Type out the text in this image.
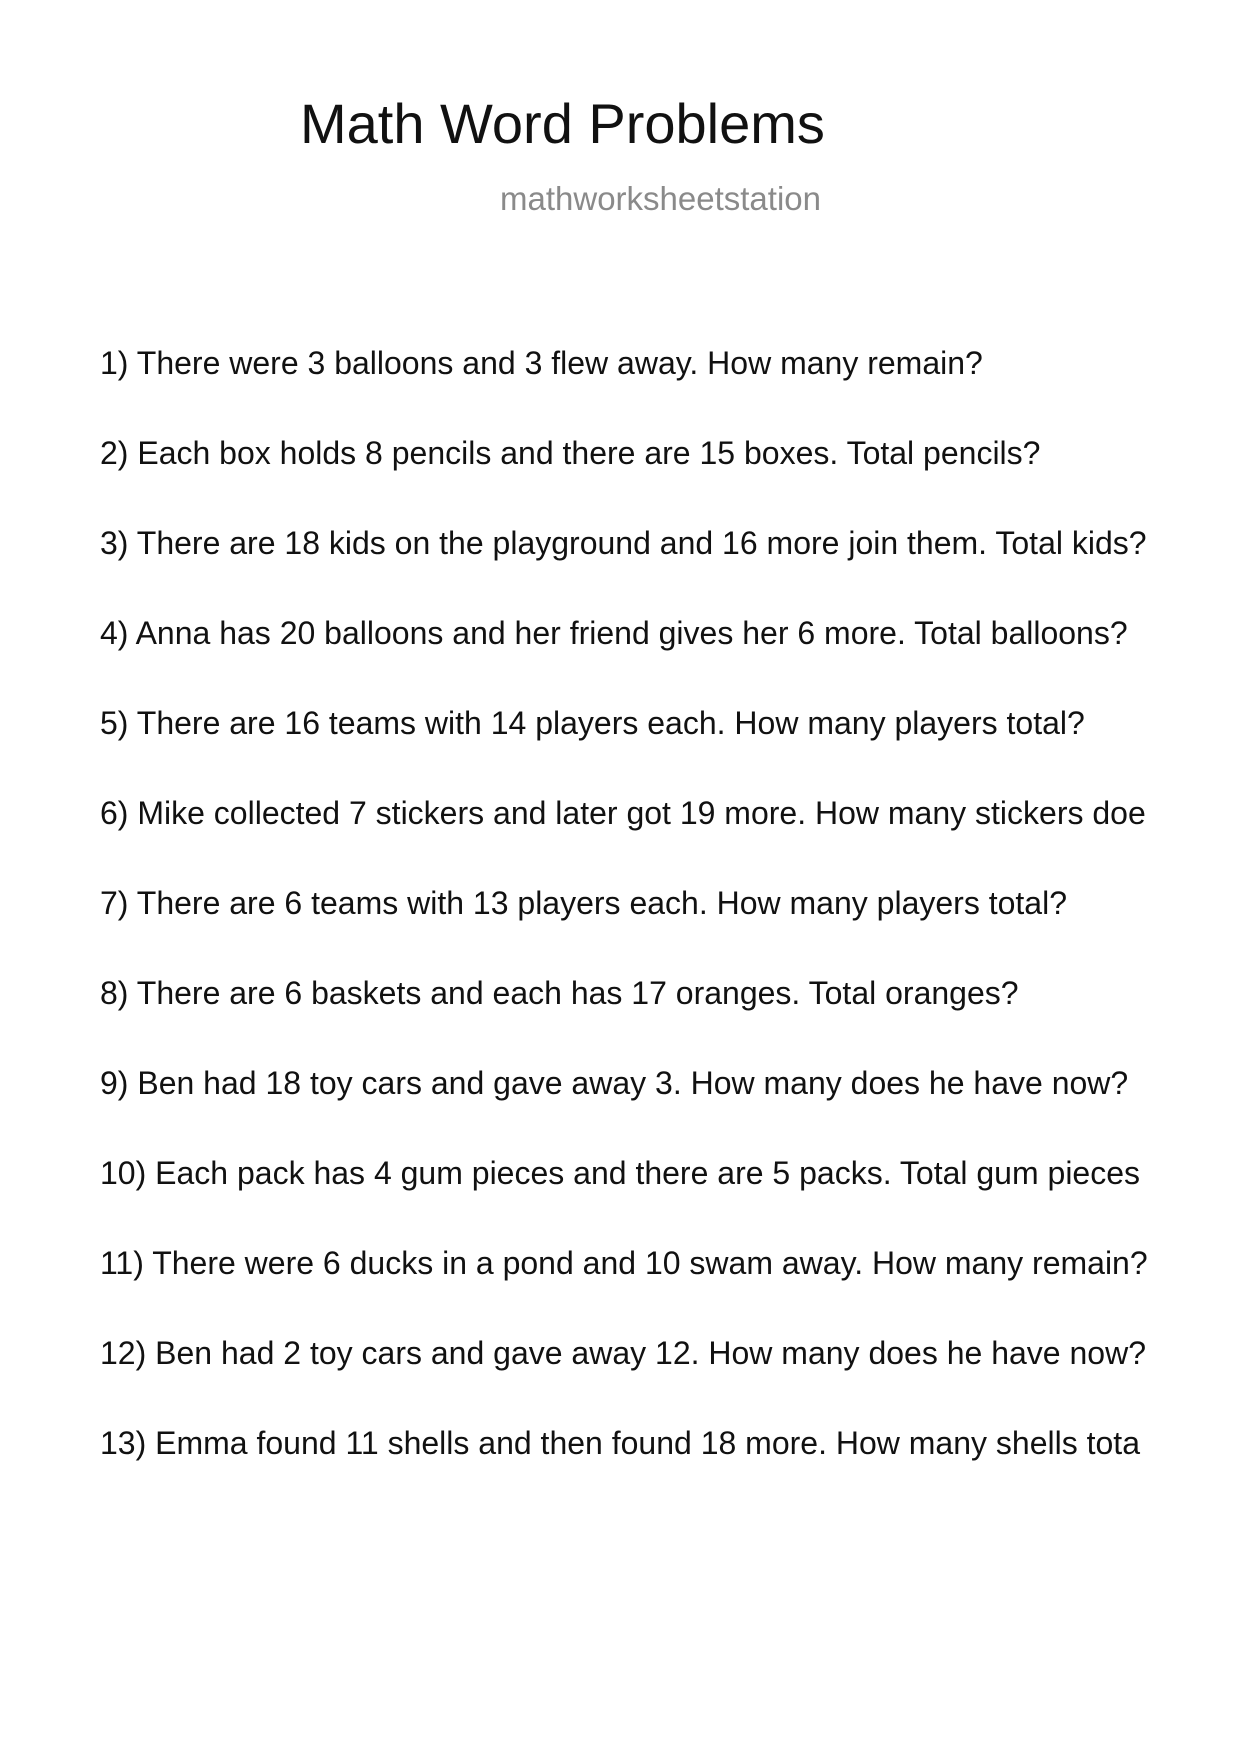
Math Word Problems
mathworksheetstation
1) There were 3 balloons and 3 flew away. How many remain?
2) Each box holds 8 pencils and there are 15 boxes. Total pencils?
3) There are 18 kids on the playground and 16 more join them. Total kids?
4) Anna has 20 balloons and her friend gives her 6 more. Total balloons?
5) There are 16 teams with 14 players each. How many players total?
6) Mike collected 7 stickers and later got 19 more. How many stickers doe
7) There are 6 teams with 13 players each. How many players total?
8) There are 6 baskets and each has 17 oranges. Total oranges?
9) Ben had 18 toy cars and gave away 3. How many does he have now?
10) Each pack has 4 gum pieces and there are 5 packs. Total gum pieces
11) There were 6 ducks in a pond and 10 swam away. How many remain?
12) Ben had 2 toy cars and gave away 12. How many does he have now?
13) Emma found 11 shells and then found 18 more. How many shells tota
